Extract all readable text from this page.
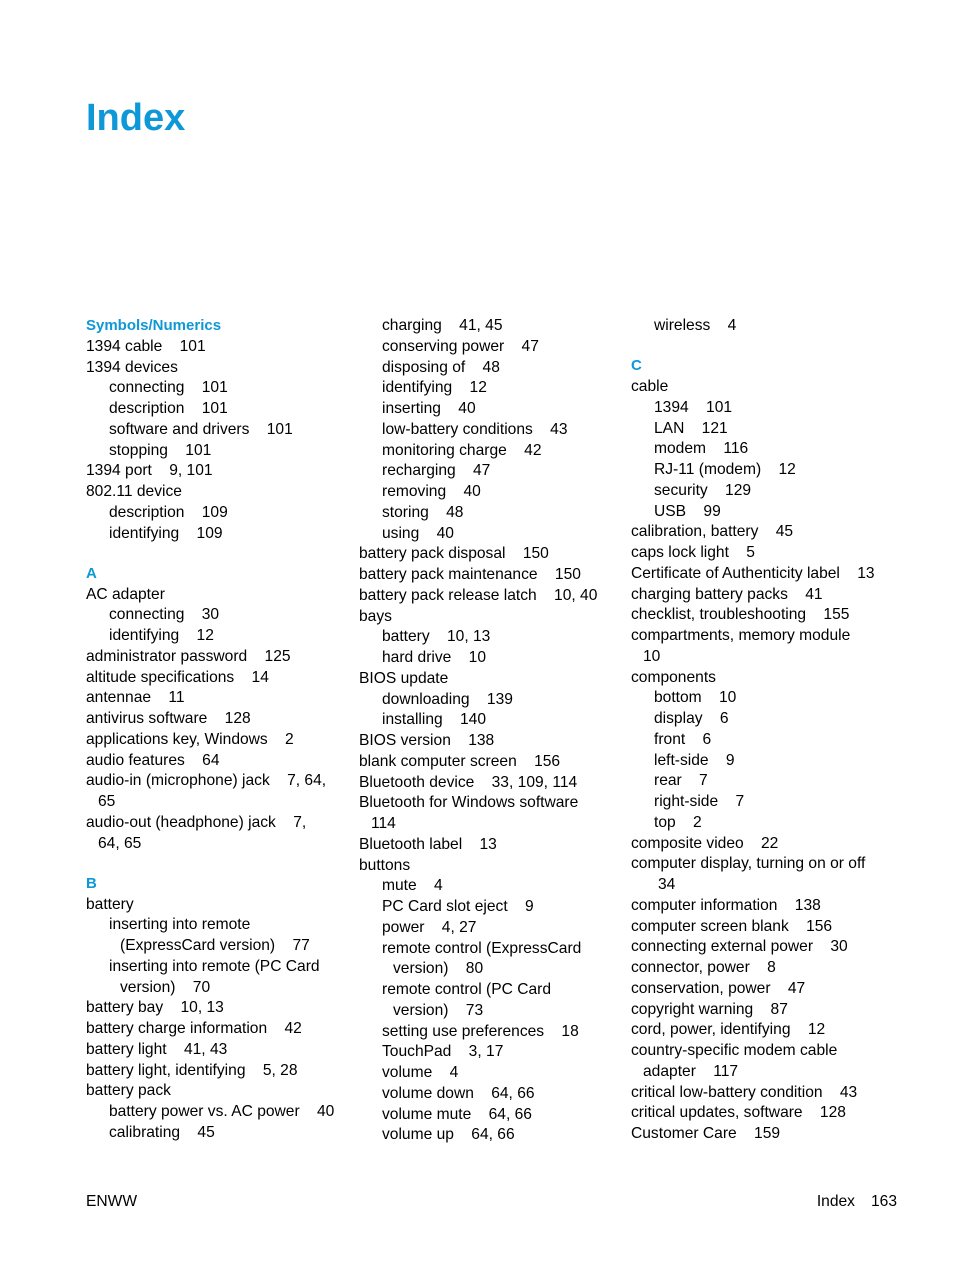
Index
Symbols/Numerics
1394 cable    101
1394 devices
connecting    101
description    101
software and drivers    101
stopping    101
1394 port    9, 101
802.11 device
description    109
identifying    109
A
AC adapter
connecting    30
identifying    12
administrator password    125
altitude specifications    14
antennae    11
antivirus software    128
applications key, Windows    2
audio features    64
audio-in (microphone) jack    7, 64,
65
audio-out (headphone) jack    7,
64, 65
B
battery
inserting into remote
(ExpressCard version)    77
inserting into remote (PC Card
version)    70
battery bay    10, 13
battery charge information    42
battery light    41, 43
battery light, identifying    5, 28
battery pack
battery power vs. AC power    40
calibrating    45
charging    41, 45
conserving power    47
disposing of    48
identifying    12
inserting    40
low-battery conditions    43
monitoring charge    42
recharging    47
removing    40
storing    48
using    40
battery pack disposal    150
battery pack maintenance    150
battery pack release latch    10, 40
bays
battery    10, 13
hard drive    10
BIOS update
downloading    139
installing    140
BIOS version    138
blank computer screen    156
Bluetooth device    33, 109, 114
Bluetooth for Windows software
114
Bluetooth label    13
buttons
mute    4
PC Card slot eject    9
power    4, 27
remote control (ExpressCard
version)    80
remote control (PC Card
version)    73
setting use preferences    18
TouchPad    3, 17
volume    4
volume down    64, 66
volume mute    64, 66
volume up    64, 66
wireless    4
C
cable
1394    101
LAN    121
modem    116
RJ-11 (modem)    12
security    129
USB    99
calibration, battery    45
caps lock light    5
Certificate of Authenticity label    13
charging battery packs    41
checklist, troubleshooting    155
compartments, memory module
10
components
bottom    10
display    6
front    6
left-side    9
rear    7
right-side    7
top    2
composite video    22
computer display, turning on or off
34
computer information    138
computer screen blank    156
connecting external power    30
connector, power    8
conservation, power    47
copyright warning    87
cord, power, identifying    12
country-specific modem cable
adapter    117
critical low-battery condition    43
critical updates, software    128
Customer Care    159
ENWW	Index 163
